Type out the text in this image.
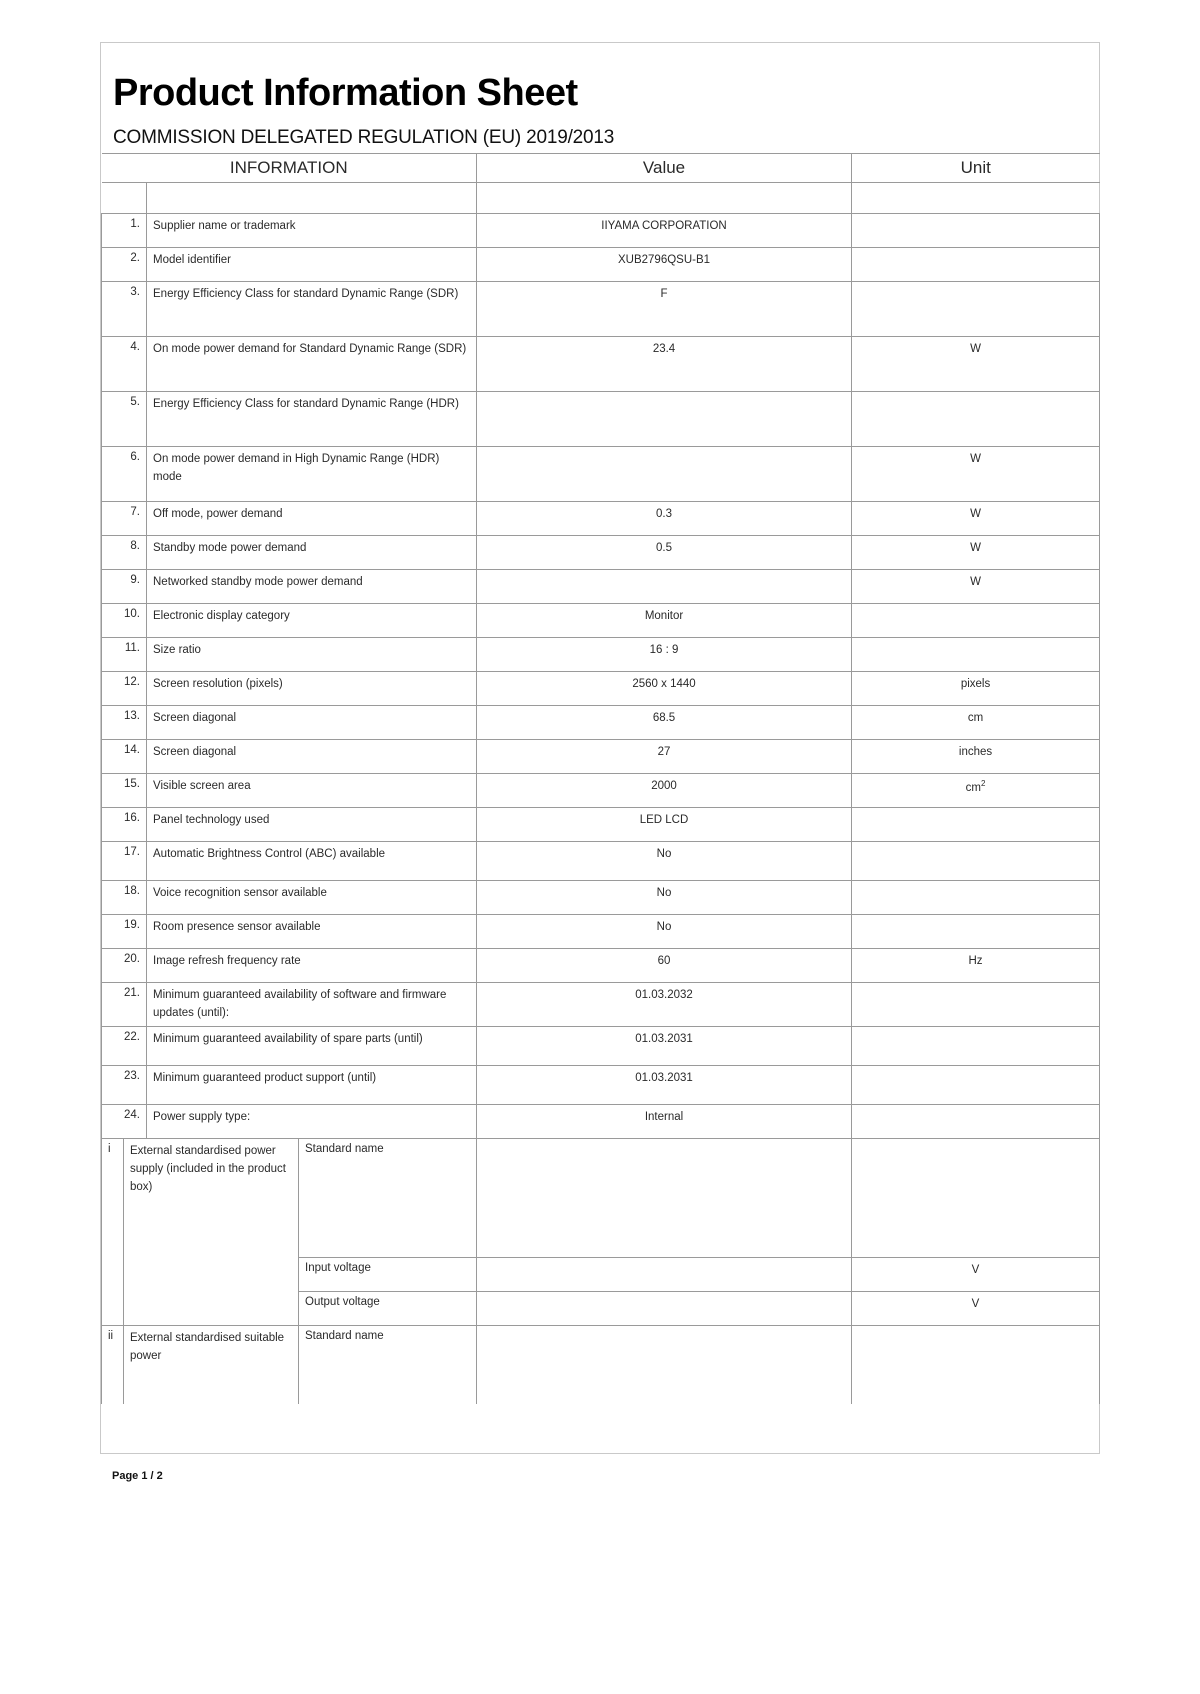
Product Information Sheet
COMMISSION DELEGATED REGULATION (EU) 2019/2013
INFORMATION		Value	Unit

1.	Supplier name or trademark	IIYAMA CORPORATION	
2.	Model identifier	XUB2796QSU-B1	
3.	Energy Efficiency Class for standard Dynamic Range (SDR)	F	
4.	On mode power demand for Standard Dynamic Range (SDR)	23.4	W
5.	Energy Efficiency Class for standard Dynamic Range (HDR)		
6.	On mode power demand in High Dynamic Range (HDR) mode		W
7.	Off mode, power demand	0.3	W
8.	Standby mode power demand	0.5	W
9.	Networked standby mode power demand		W
10.	Electronic display category	Monitor	
11.	Size ratio	16 : 9	
12.	Screen resolution (pixels)	2560 x 1440	pixels
13.	Screen diagonal	68.5	cm
14.	Screen diagonal	27	inches
15.	Visible screen area	2000	$cm^2$
16.	Panel technology used	LED LCD	
17.	Automatic Brightness Control (ABC) available	No	
18.	Voice recognition sensor available	No	
19.	Room presence sensor available	No	
20.	Image refresh frequency rate	60	Hz
21.	Minimum guaranteed availability of software and firmware updates (until):	01.03.2032	
22.	Minimum guaranteed availability of spare parts (until)	01.03.2031	
23.	Minimum guaranteed product support (until)	01.03.2031	
24.	Power supply type:	Internal	
i	External standardised power supply (included in the product box)	Standard name		
		Input voltage		V
		Output voltage		V
ii	External standardised suitable power	Standard name		
Page 1 / 2
